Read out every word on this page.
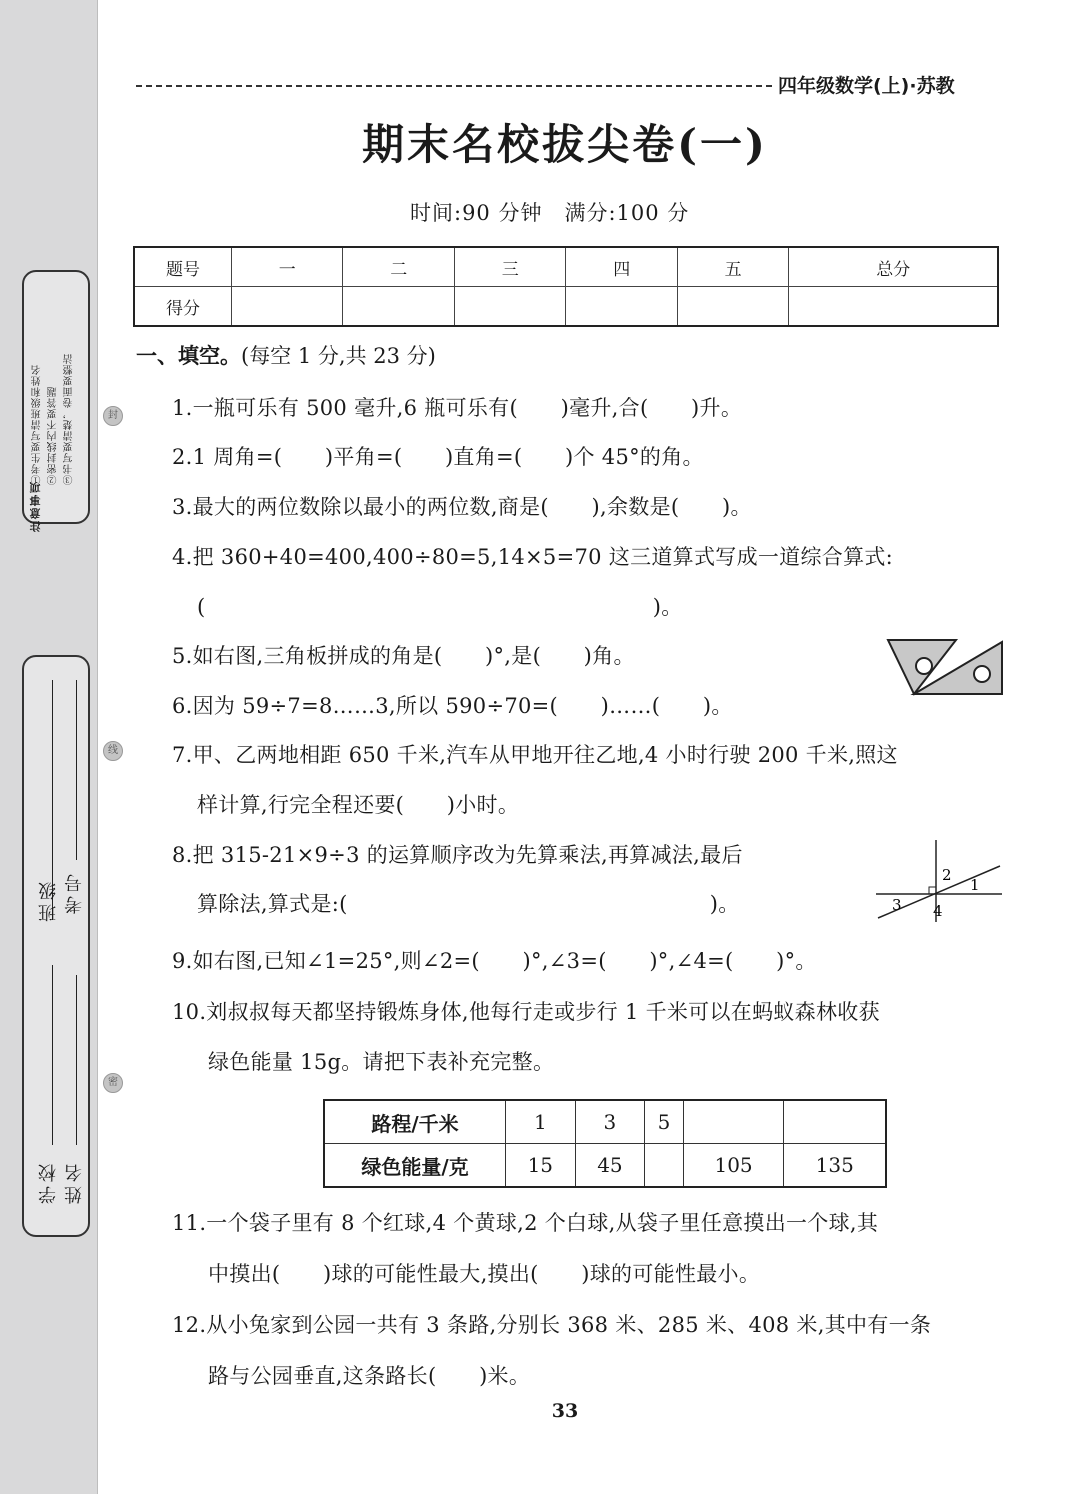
注意事项
①考生要写清班级和姓名 ②密封线内不要答题 ③书写要清楚，卷面要整洁
班级 考号
学校 姓名
封
线
密
四年级数学(上)·苏教
期末名校拔尖卷(一)
时间:90 分钟　满分:100 分
题号	一	二	三	四	五	总分
得分						
一、填空。(每空 1 分,共 23 分)
1.一瓶可乐有 500 毫升,6 瓶可乐有(　　)毫升,合(　　)升。
2.1 周角=(　　)平角=(　　)直角=(　　)个 45°的角。
3.最大的两位数除以最小的两位数,商是(　　),余数是(　　)。
4.把 360+40=400,400÷80=5,14×5=70 这三道算式写成一道综合算式:
(　　　　　　　　　　　　　　　　　　　　　)。
5.如右图,三角板拼成的角是(　　)°,是(　　)角。
6.因为 59÷7=8……3,所以 590÷70=(　　)……(　　)。
7.甲、乙两地相距 650 千米,汽车从甲地开往乙地,4 小时行驶 200 千米,照这
样计算,行完全程还要(　　)小时。
8.把 315-21×9÷3 的运算顺序改为先算乘法,再算减法,最后
算除法,算式是:(　　　　　　　　　　　　　　　　　)。
9.如右图,已知∠1=25°,则∠2=(　　)°,∠3=(　　)°,∠4=(　　)°。
10.刘叔叔每天都坚持锻炼身体,他每行走或步行 1 千米可以在蚂蚁森林收获
绿色能量 15g。请把下表补充完整。
2
1
3 4
路程/千米	1	3	5		
绿色能量/克	15	45		105	135
11.一个袋子里有 8 个红球,4 个黄球,2 个白球,从袋子里任意摸出一个球,其
中摸出(　　)球的可能性最大,摸出(　　)球的可能性最小。
12.从小兔家到公园一共有 3 条路,分别长 368 米、285 米、408 米,其中有一条
路与公园垂直,这条路长(　　)米。
33
